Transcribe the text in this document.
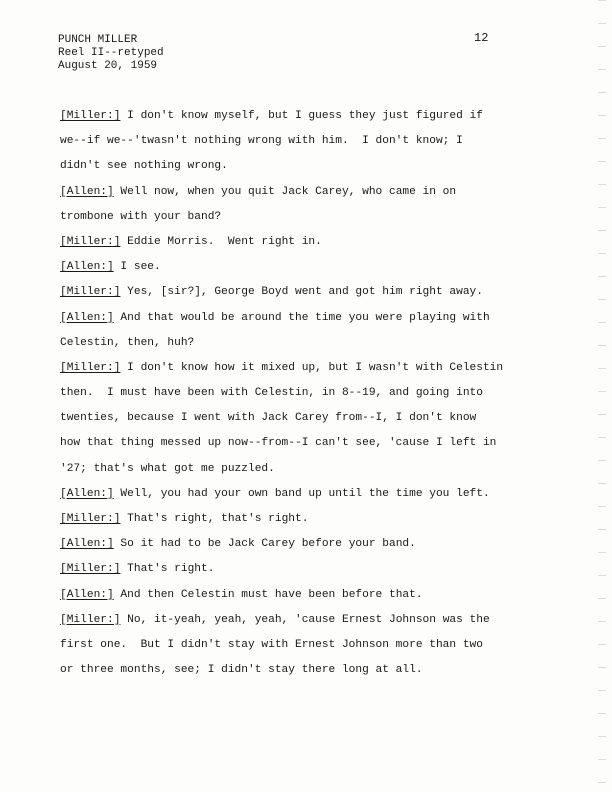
PUNCH MILLER
Reel II--retyped
August 20, 1959
12
[Miller:] I don't know myself, but I guess they just figured if
we--if we--'twasn't nothing wrong with him.  I don't know; I
didn't see nothing wrong.
[Allen:] Well now, when you quit Jack Carey, who came in on
trombone with your band?
[Miller:] Eddie Morris.  Went right in.
[Allen:] I see.
[Miller:] Yes, [sir?], George Boyd went and got him right away.
[Allen:] And that would be around the time you were playing with
Celestin, then, huh?
[Miller:] I don't know how it mixed up, but I wasn't with Celestin
then.  I must have been with Celestin, in 8--19, and going into
twenties, because I went with Jack Carey from--I, I don't know
how that thing messed up now--from--I can't see, 'cause I left in
'27; that's what got me puzzled.
[Allen:] Well, you had your own band up until the time you left.
[Miller:] That's right, that's right.
[Allen:] So it had to be Jack Carey before your band.
[Miller:] That's right.
[Allen:] And then Celestin must have been before that.
[Miller:] No, it-yeah, yeah, yeah, 'cause Ernest Johnson was the
first one.  But I didn't stay with Ernest Johnson more than two
or three months, see; I didn't stay there long at all.
